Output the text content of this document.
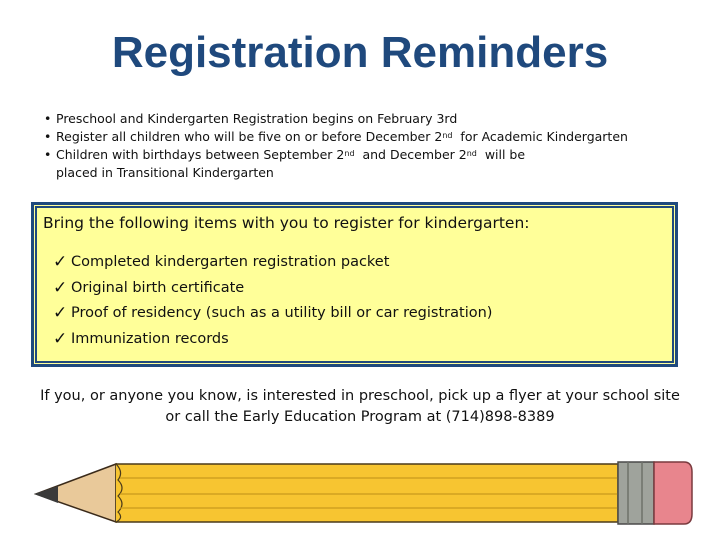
Registration Reminders
• Preschool and Kindergarten Registration begins on February 3rd
• Register all children who will be five on or before December 2nd  for Academic Kindergarten
• Children with birthdays between September 2nd  and December 2nd  will be
placed in Transitional Kindergarten
Bring the following items with you to register for kindergarten:
✓ Completed kindergarten registration packet
✓ Original birth certificate
✓ Proof of residency (such as a utility bill or car registration)
✓ Immunization records
If you, or anyone you know, is interested in preschool, pick up a flyer at your school site
or call the Early Education Program at (714)898-8389
